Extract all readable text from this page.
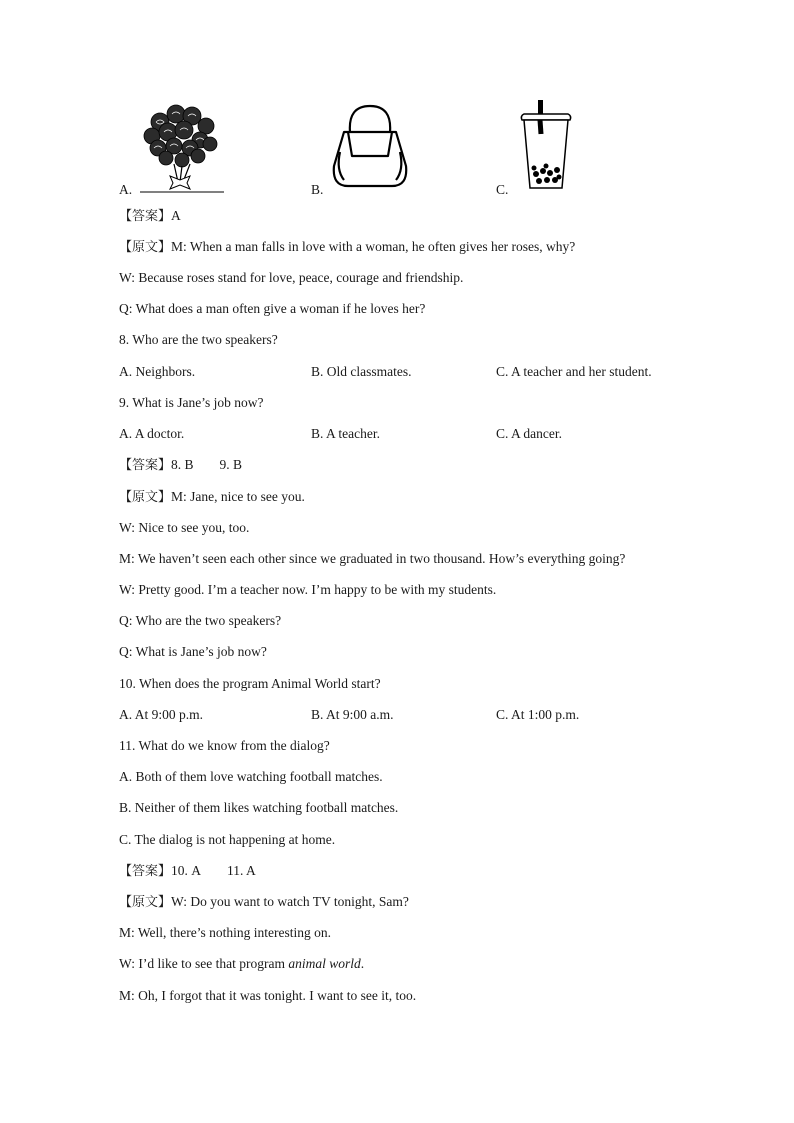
A.	B.	C.
【答案】A
【原文】M: When a man falls in love with a woman, he often gives her roses, why?
W: Because roses stand for love, peace, courage and friendship.
Q: What does a man often give a woman if he loves her?
8. Who are the two speakers?
A. Neighbors.	B. Old classmates.	C. A teacher and her student.
9. What is Jane’s job now?
A. A doctor.	B. A teacher.	C. A dancer.
【答案】8. B 9. B
【原文】M: Jane, nice to see you.
W: Nice to see you, too.
M: We haven’t seen each other since we graduated in two thousand. How’s everything going?
W: Pretty good. I’m a teacher now. I’m happy to be with my students.
Q: Who are the two speakers?
Q: What is Jane’s job now?
10. When does the program Animal World start?
A. At 9:00 p.m.	B. At 9:00 a.m.	C. At 1:00 p.m.
11. What do we know from the dialog?
A. Both of them love watching football matches.
B. Neither of them likes watching football matches.
C. The dialog is not happening at home.
【答案】10. A 11. A
【原文】W: Do you want to watch TV tonight, Sam?
M: Well, there’s nothing interesting on.
W: I’d like to see that program animal world.
M: Oh, I forgot that it was tonight. I want to see it, too.
